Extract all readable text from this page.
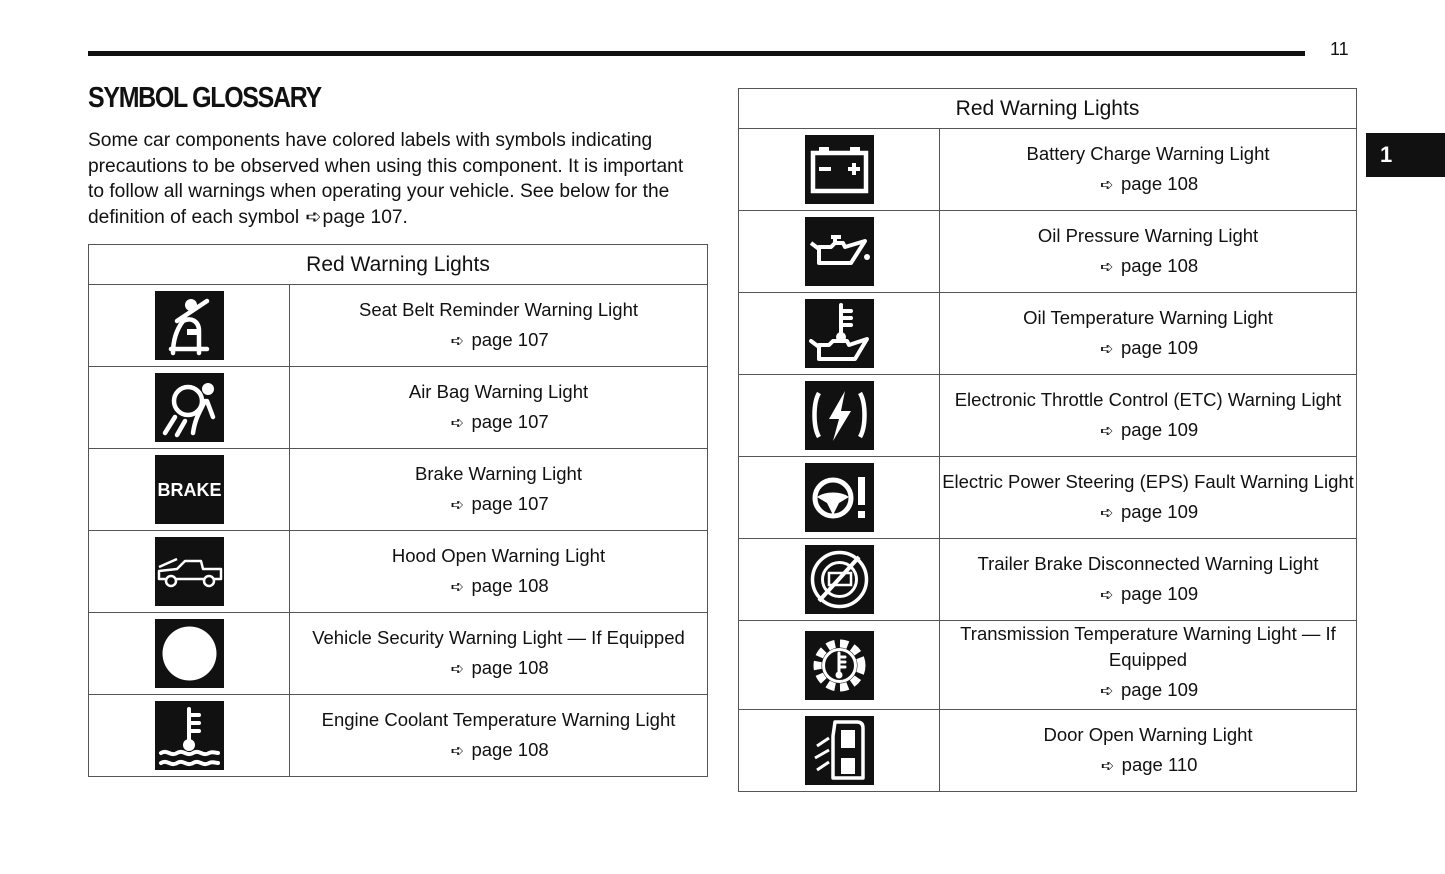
11
1
SYMBOL GLOSSARY

Some car components have colored labels with symbols indicating precautions to be observed when using this component. It is important to follow all warnings when operating your vehicle. See below for the definition of each symbol ➪page 107.

Red Warning Lights	

Seat Belt Reminder Warning Light
➪ page 107

Air Bag Warning Light
➪ page 107

BRAKE	Brake Warning Light
➪ page 107

Hood Open Warning Light
➪ page 108

Vehicle Security Warning Light — If Equipped
➪ page 108

Engine Coolant Temperature Warning Light
➪ page 108
Red Warning Lights	

Battery Charge Warning Light
➪ page 108

Oil Pressure Warning Light
➪ page 108

Oil Temperature Warning Light
➪ page 109

Electronic Throttle Control (ETC) Warning Light
➪ page 109

Electric Power Steering (EPS) Fault Warning Light
➪ page 109

Trailer Brake Disconnected Warning Light
➪ page 109

Transmission Temperature Warning Light — If Equipped
➪ page 109

Door Open Warning Light
➪ page 110
